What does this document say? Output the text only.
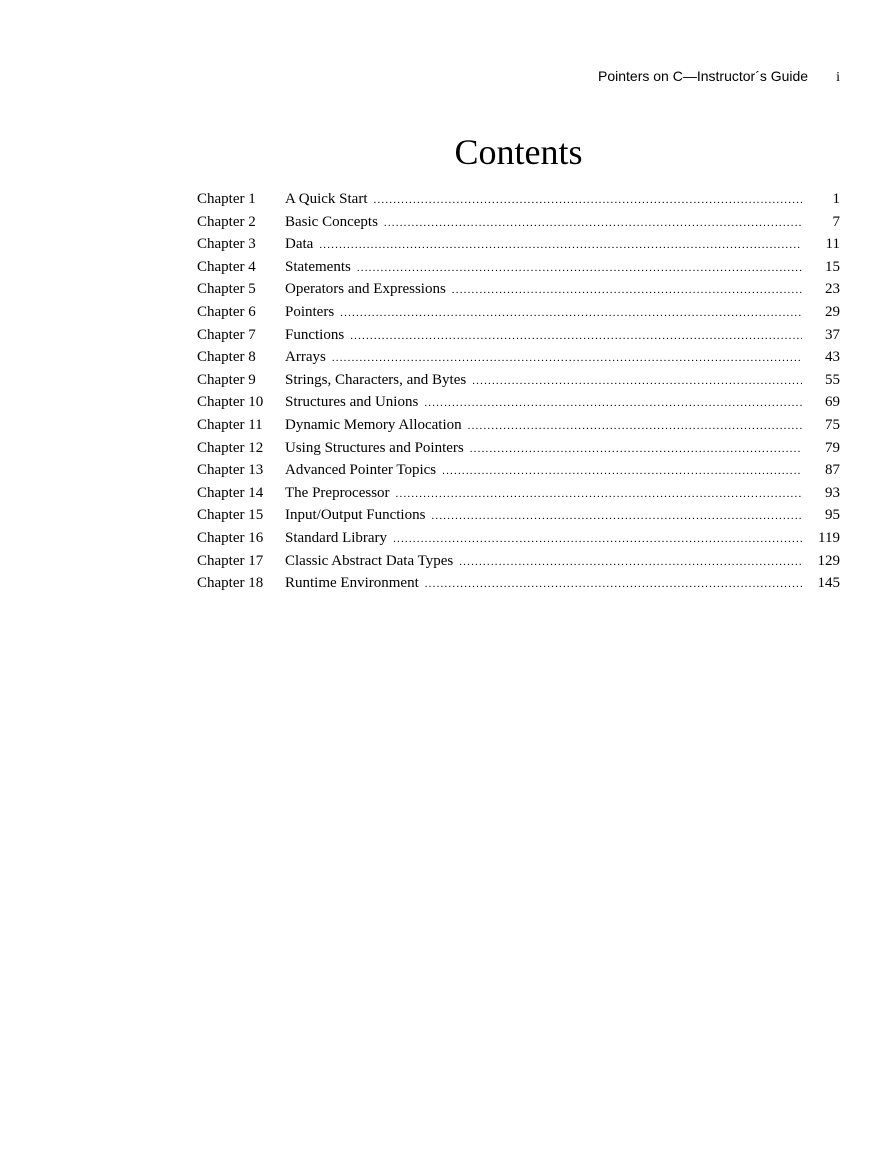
Pointers on C—Instructor´s Guide i
Contents
Chapter 1	A Quick Start .....	1
Chapter 2	Basic Concepts .....	7
Chapter 3	Data .....	11
Chapter 4	Statements .....	15
Chapter 5	Operators and Expressions .....	23
Chapter 6	Pointers .....	29
Chapter 7	Functions .....	37
Chapter 8	Arrays .....	43
Chapter 9	Strings, Characters, and Bytes .....	55
Chapter 10	Structures and Unions .....	69
Chapter 11	Dynamic Memory Allocation .....	75
Chapter 12	Using Structures and Pointers .....	79
Chapter 13	Advanced Pointer Topics .....	87
Chapter 14	The Preprocessor .....	93
Chapter 15	Input/Output Functions .....	95
Chapter 16	Standard Library .....	119
Chapter 17	Classic Abstract Data Types .....	129
Chapter 18	Runtime Environment .....	145
